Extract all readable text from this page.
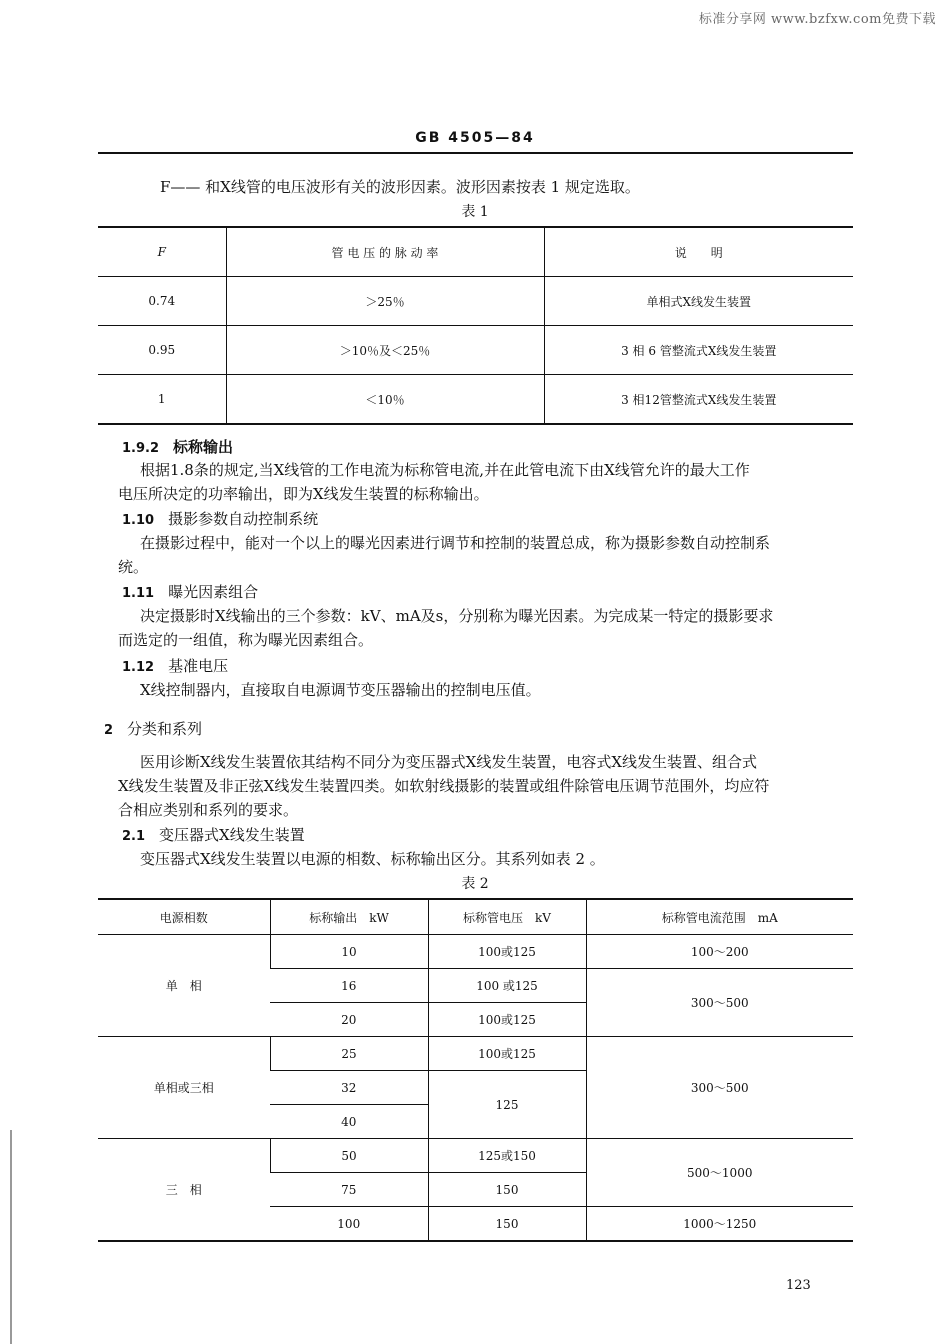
标准分享网 www.bzfxw.com免费下载
GB 4505—84
F—— 和X线管的电压波形有关的波形因素。波形因素按表 1 规定选取。
表 1
F	管 电 压 的 脉 动 率	说　　明
0.74	＞25％	单相式X线发生装置
0.95	＞10％及＜25％	3 相 6 管整流式X线发生装置
1	＜10％	3 相12管整流式X线发生装置
1.9.2 标称输出
根据1.8条的规定,当X线管的工作电流为标称管电流,并在此管电流下由X线管允许的最大工作
电压所决定的功率输出，即为X线发生装置的标称输出。
1.10 摄影参数自动控制系统
在摄影过程中，能对一个以上的曝光因素进行调节和控制的装置总成，称为摄影参数自动控制系
统。
1.11 曝光因素组合
决定摄影时X线输出的三个参数：kV、mA及s，分别称为曝光因素。为完成某一特定的摄影要求
而选定的一组值，称为曝光因素组合。
1.12 基准电压
X线控制器内，直接取自电源调节变压器输出的控制电压值。
2 分类和系列
医用诊断X线发生装置依其结构不同分为变压器式X线发生装置，电容式X线发生装置、组合式
X线发生装置及非正弦X线发生装置四类。如软射线摄影的装置或组件除管电压调节范围外，均应符
合相应类别和系列的要求。
2.1 变压器式X线发生装置
变压器式X线发生装置以电源的相数、标称输出区分。其系列如表 2 。
表 2
电源相数	标称输出　kW	标称管电压　kV	标称管电流范围　mA
单　相	10	100或125	100～200
	16	100 或125	300～500
	20	100或125	
单相或三相	25	100或125	300～500
	32	125	
	40		
三　相	50	125或150	500～1000
	75	150	
	100	150	1000～1250
123
